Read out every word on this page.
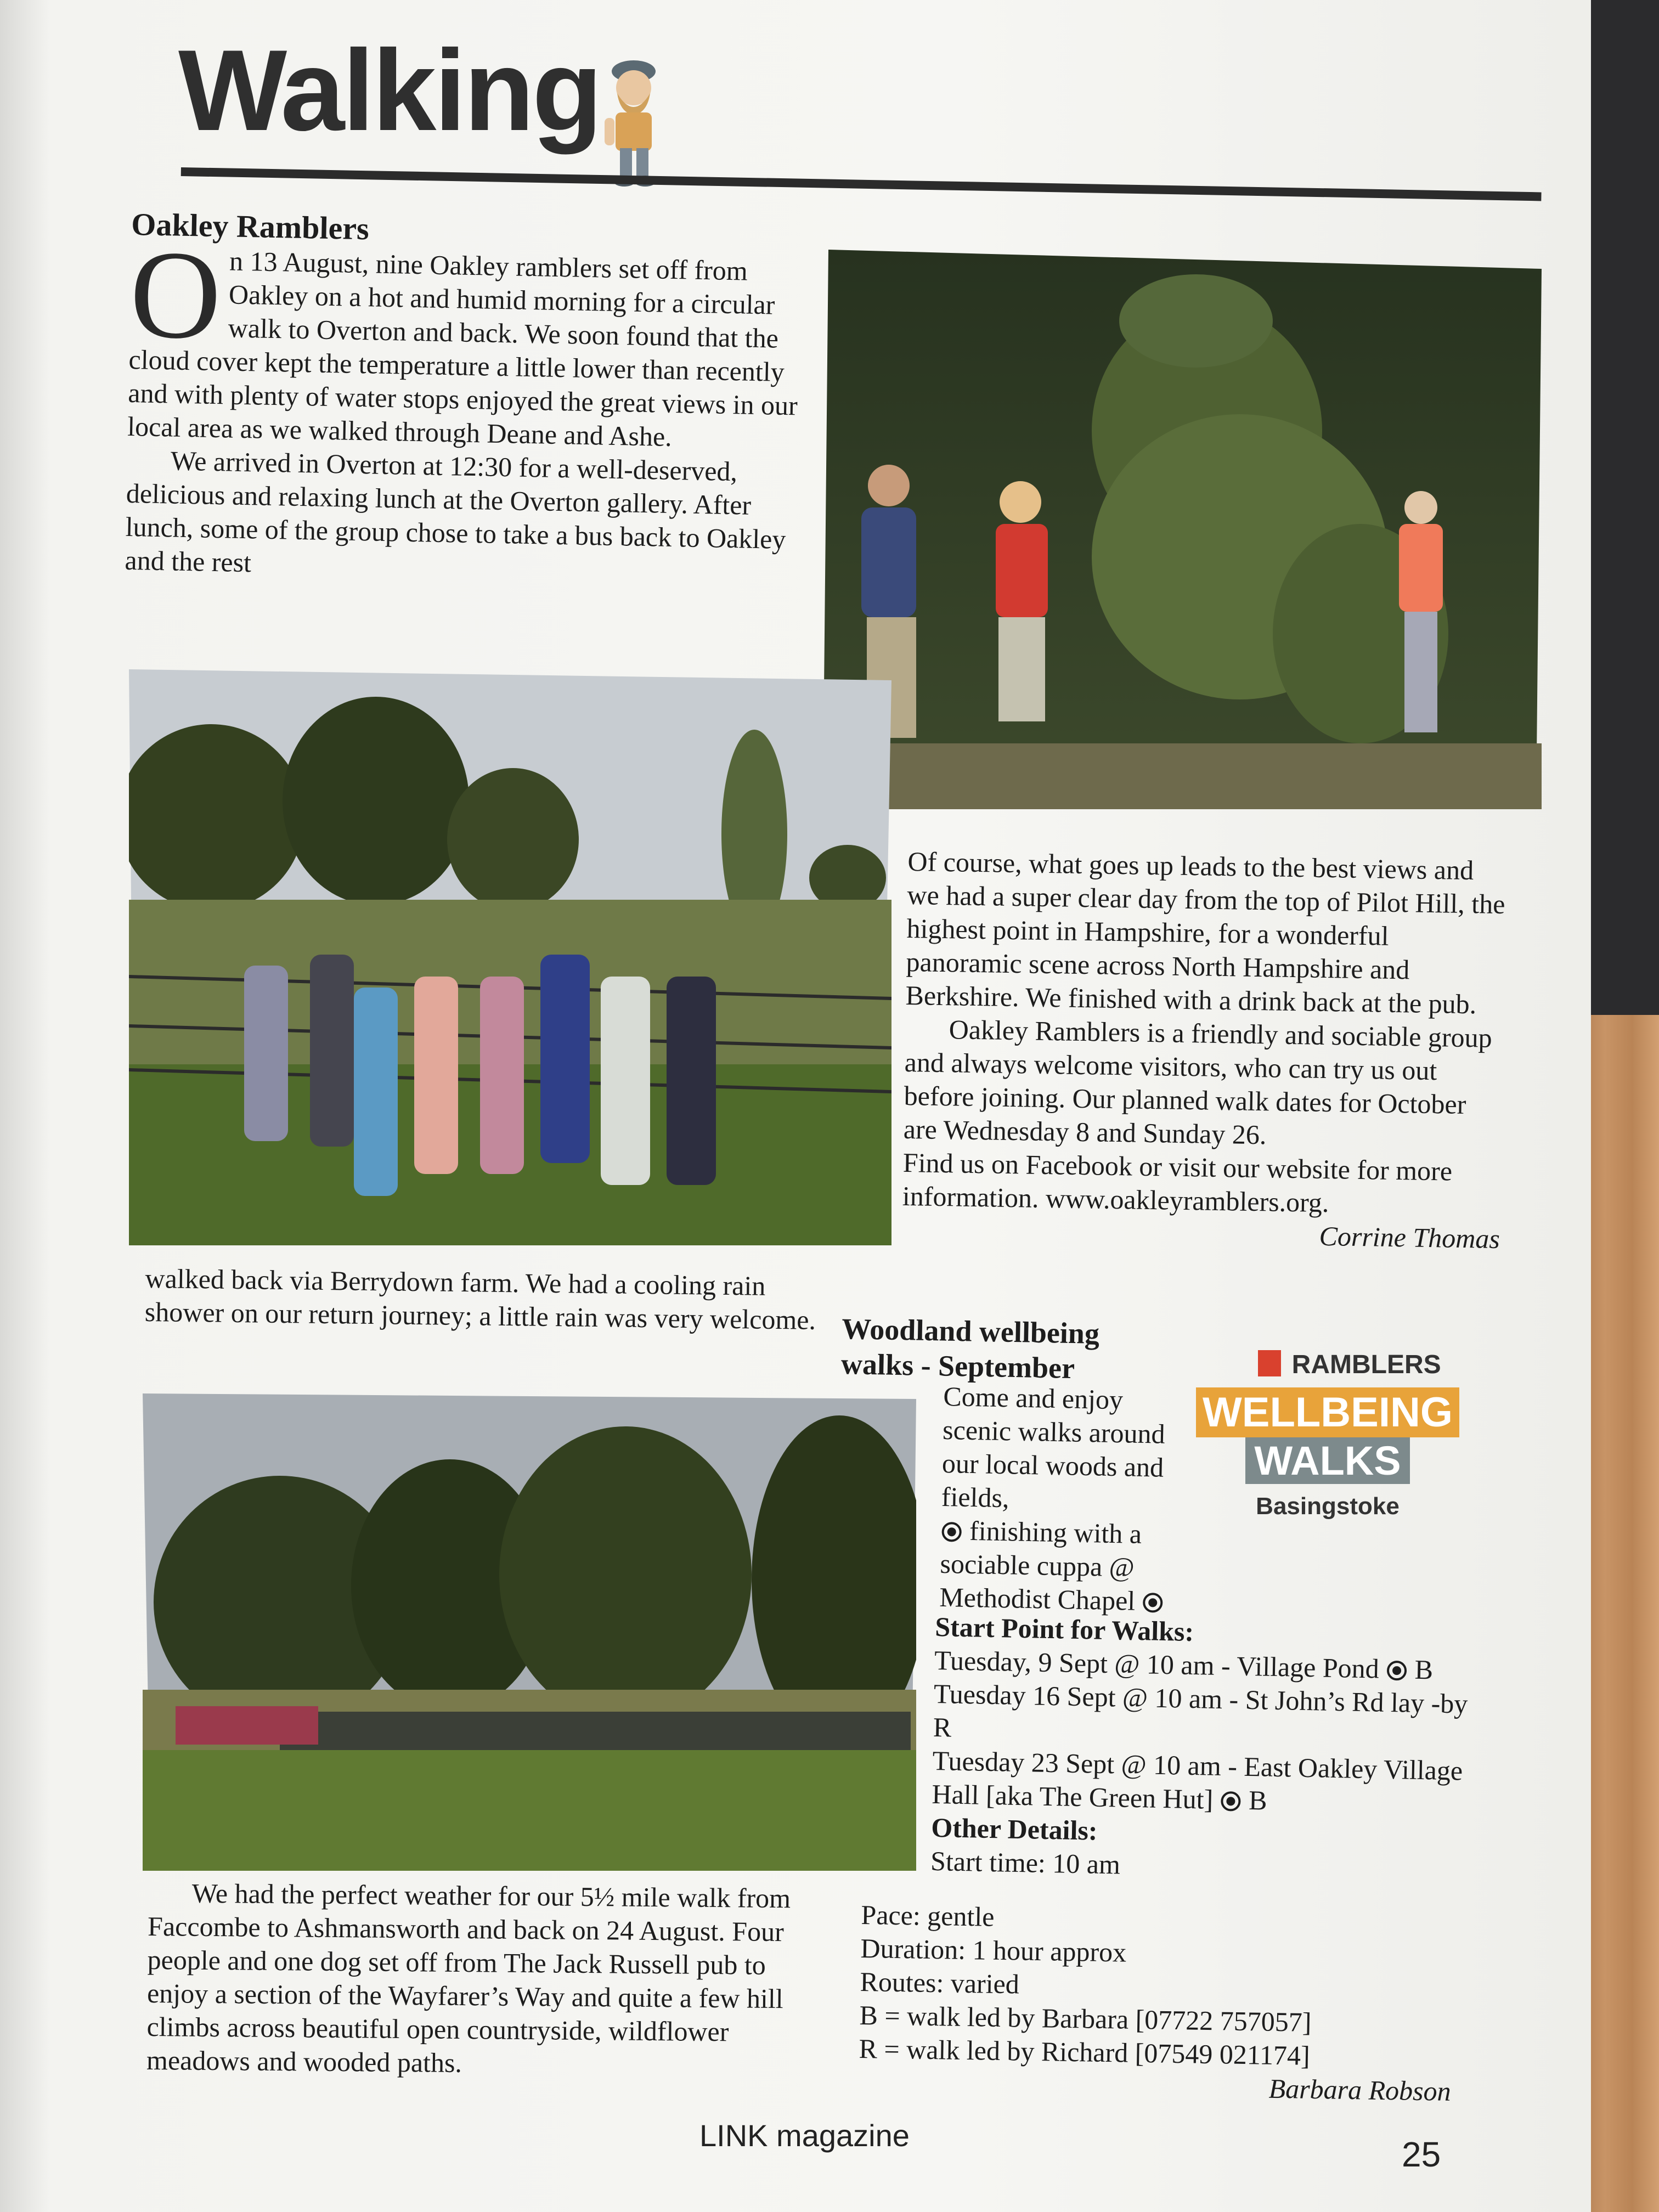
Walking
Oakley Ramblers
O n 13 August, nine Oakley ramblers set off from Oakley on a hot and humid morning for a circular walk to Overton and back. We soon found that the cloud cover kept the temperature a little lower than recently and with plenty of water stops enjoyed the great views in our local area as we walked through Deane and Ashe.

We arrived in Overton at 12:30 for a well-deserved, delicious and relaxing lunch at the Overton gallery. After lunch, some of the group chose to take a bus back to Oakley and the rest

Of course, what goes up leads to the best views and we had a super clear day from the top of Pilot Hill, the highest point in Hampshire, for a wonderful panoramic scene across North Hampshire and Berkshire. We finished with a drink back at the pub.

Oakley Ramblers is a friendly and sociable group and always welcome visitors, who can try us out before joining. Our planned walk dates for October are Wednesday 8 and Sunday 26.

Find us on Facebook or visit our website for more information. www.oakleyramblers.org.

Corrine Thomas

walked back via Berrydown farm. We had a cooling rain shower on our return journey; a little rain was very welcome.

We had the perfect weather for our 5½ mile walk from Faccombe to Ashmansworth and back on 24 August. Four people and one dog set off from The Jack Russell pub to enjoy a section of the Wayfarer’s Way and quite a few hill climbs across beautiful open countryside, wildflower meadows and wooded paths.

Woodland wellbeing
walks - September

Come and enjoy scenic walks around our local woods and fields,

finishing with a sociable cuppa @ Methodist Chapel

Start Point for Walks:
Tuesday, 9 Sept @ 10 am - Village Pond B
Tuesday 16 Sept @ 10 am - St John’s Rd lay -by R
Tuesday 23 Sept @ 10 am - East Oakley Village Hall [aka The Green Hut] B
Other Details:
Start time: 10 am
Pace: gentle
Duration: 1 hour approx
Routes: varied
B = walk led by Barbara [07722 757057]
R = walk led by Richard [07549 021174]
Barbara Robson
RAMBLERS
WELLBEING
WALKS
Basingstoke
LINK magazine	25
